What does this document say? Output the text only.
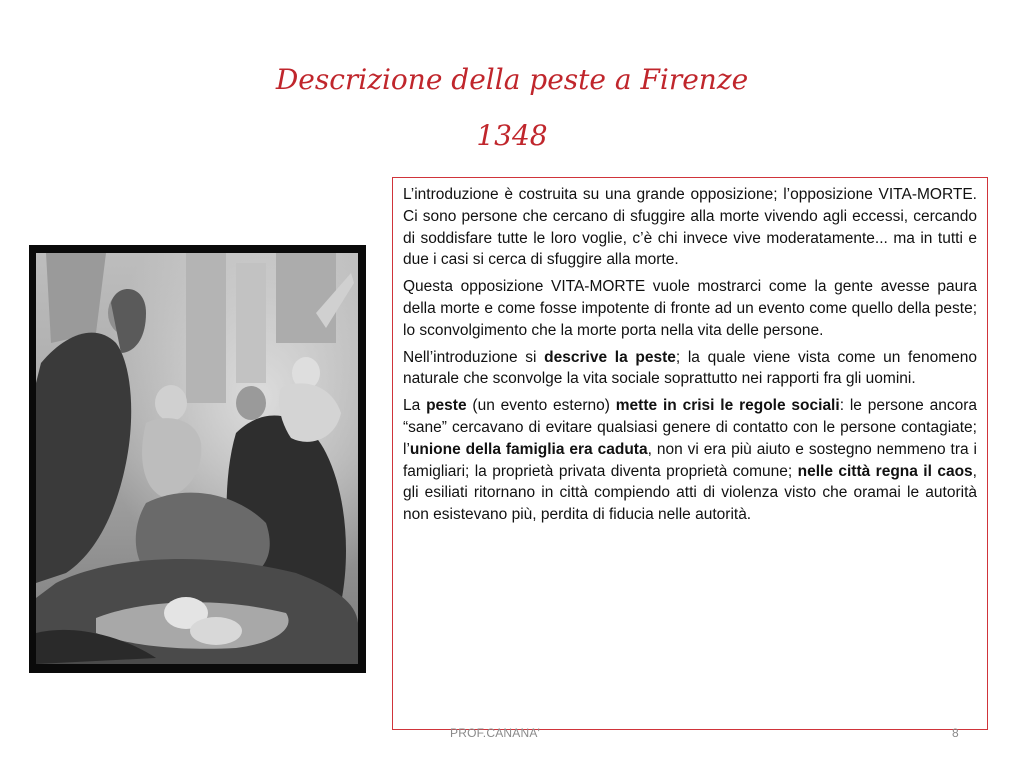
Descrizione della peste a Firenze
1348

L’introduzione è costruita su una grande opposizione; l’opposizione VITA-MORTE. Ci sono persone che cercano di sfuggire alla morte vivendo agli eccessi, cercando di soddisfare tutte le loro voglie, c’è chi invece vive moderatamente... ma in tutti e due i casi si cerca di sfuggire alla morte.

Questa opposizione VITA-MORTE vuole mostrarci come la gente avesse paura della morte e come fosse impotente di fronte ad un evento come quello della peste; lo sconvolgimento che la morte porta nella vita delle persone.

Nell’introduzione si descrive la peste; la quale viene vista come un fenomeno naturale che sconvolge la vita sociale soprattutto nei rapporti fra gli uomini.

La peste (un evento esterno) mette in crisi le regole sociali: le persone ancora “sane” cercavano di evitare qualsiasi genere di contatto con le persone contagiate; l’unione della famiglia era caduta, non vi era più aiuto e sostegno nemmeno tra i famigliari; la proprietà privata diventa proprietà comune; nelle città regna il caos, gli esiliati ritornano in città compiendo atti di violenza visto che oramai le autorità non esistevano più, perdita di fiducia nelle autorità.

PROF.CANANA'	8
